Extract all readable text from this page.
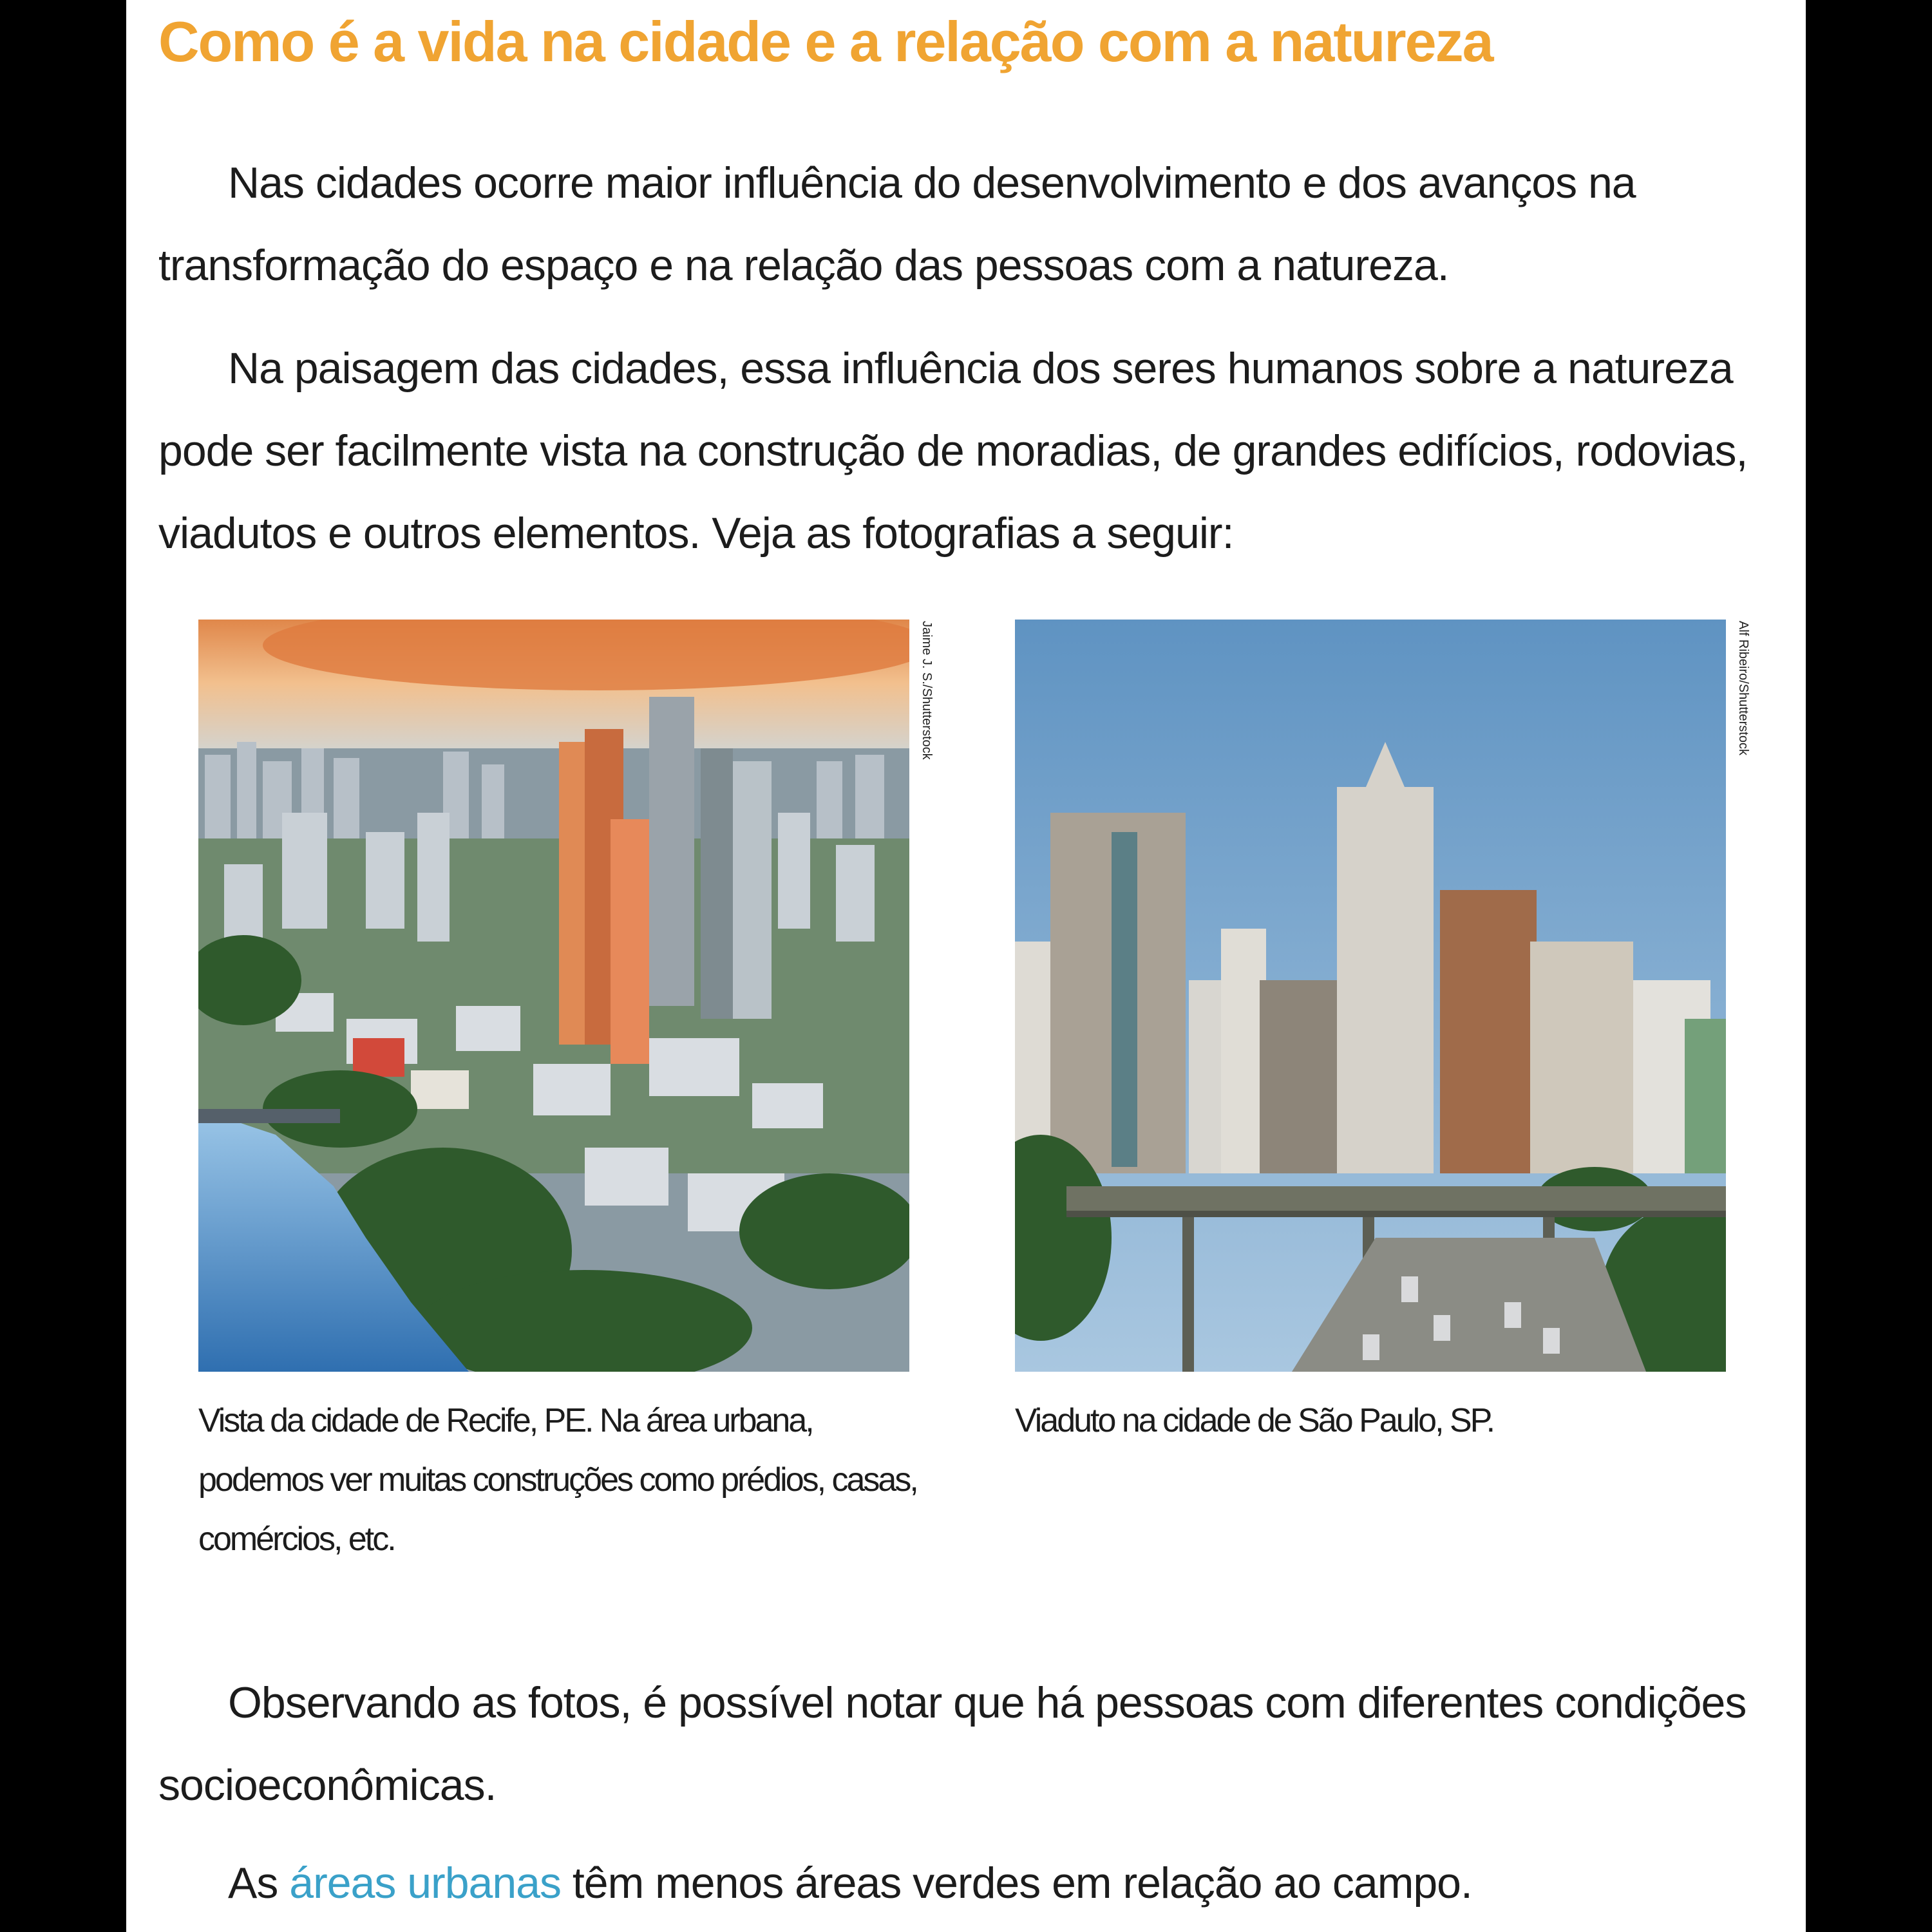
Como é a vida na cidade e a relação com a natureza

Nas cidades ocorre maior influência do desenvolvimento e dos avanços na transformação do espaço e na relação das pessoas com a natureza.

Na paisagem das cidades, essa influência dos seres humanos sobre a natureza pode ser facilmente vista na construção de moradias, de grandes edifícios, rodovias, viadutos e outros elementos. Veja as fotografias a seguir:

Jaime J. S./Shutterstock	Alf Ribeiro/Shutterstock

Vista da cidade de Recife, PE. Na área urbana, podemos ver muitas construções como prédios, casas, comércios, etc.

Viaduto na cidade de São Paulo, SP.

Observando as fotos, é possível notar que há pessoas com diferentes condições socioeconômicas.

As áreas urbanas têm menos áreas verdes em relação ao campo.
